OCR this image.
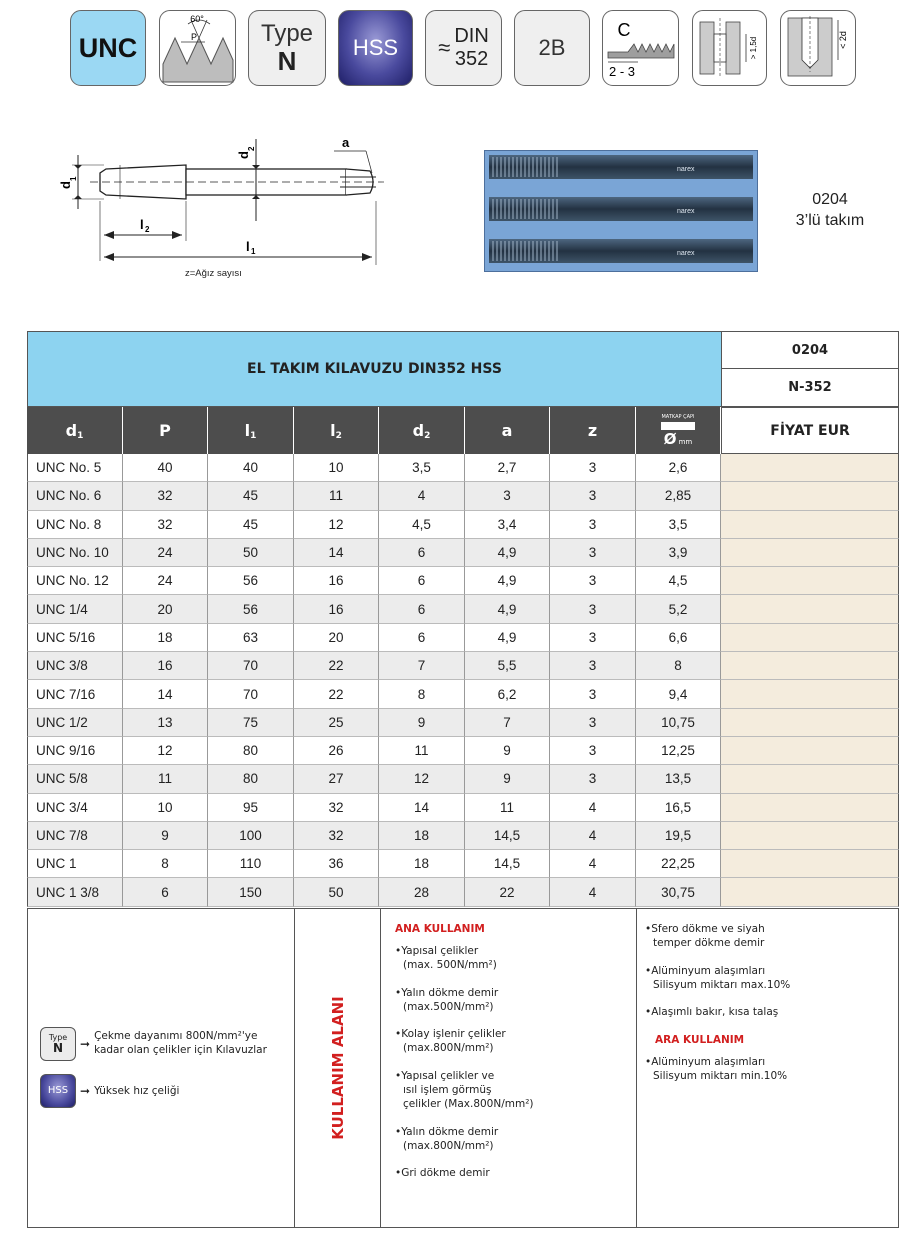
UNC
60°
P	Type
N	HSS ≈ DIN
352 2B
C
2 - 3
> 1,5d	< 2d
d
1
d
2	a
l 2
l 1
z=Ağız sayısı
narex
narex
narex
0204
3’lü takım
EL TAKIM KILAVUZU DIN352 HSS
0204
N-352
d 1	P	l 1	l 2	d 2	a	z
MATKAP ÇAPI
Ømm
FİYAT EUR
UNC No. 5	40	40	10	3,5	2,7	3	2,6
UNC No. 6	32	45	11	4	3	3	2,85
UNC No. 8	32	45	12	4,5	3,4	3	3,5
UNC No. 10	24	50	14	6	4,9	3	3,9
UNC No. 12	24	56	16	6	4,9	3	4,5
UNC 1/4	20	56	16	6	4,9	3	5,2
UNC 5/16	18	63	20	6	4,9	3	6,6
UNC 3/8	16	70	22	7	5,5	3	8
UNC 7/16	14	70	22	8	6,2	3	9,4
UNC 1/2	13	75	25	9	7	3	10,75
UNC 9/16	12	80	26	11	9	3	12,25
UNC 5/8	11	80	27	12	9	3	13,5
UNC 3/4	10	95	32	14	11	4	16,5
UNC 7/8	9	100	32	18	14,5	4	19,5
UNC 1	8	110	36	18	14,5	4	22,25
UNC 1 3/8	6	150	50	28	22	4	30,75
Type
N ➞
Çekme dayanımı 800N/mm²'ye
kadar olan çelikler için Kılavuzlar
HSS ➞ Yüksek hız çeliği	KULLANIM ALANI
ANA KULLANIM
• Yapısal çelikler
(max. 500N/mm²)
• Yalın dökme demir
(max.500N/mm²)
• Kolay işlenir çelikler
(max.800N/mm²)
• Yapısal çelikler ve
ısıl işlem görmüş
çelikler (Max.800N/mm²)
• Yalın dökme demir
(max.800N/mm²)
• Gri dökme demir
• Sfero dökme ve siyah
temper dökme demir
• Alüminyum alaşımları
Silisyum miktarı max.10%
• Alaşımlı bakır, kısa talaş
ARA KULLANIM
• Alüminyum alaşımları
Silisyum miktarı min.10%
